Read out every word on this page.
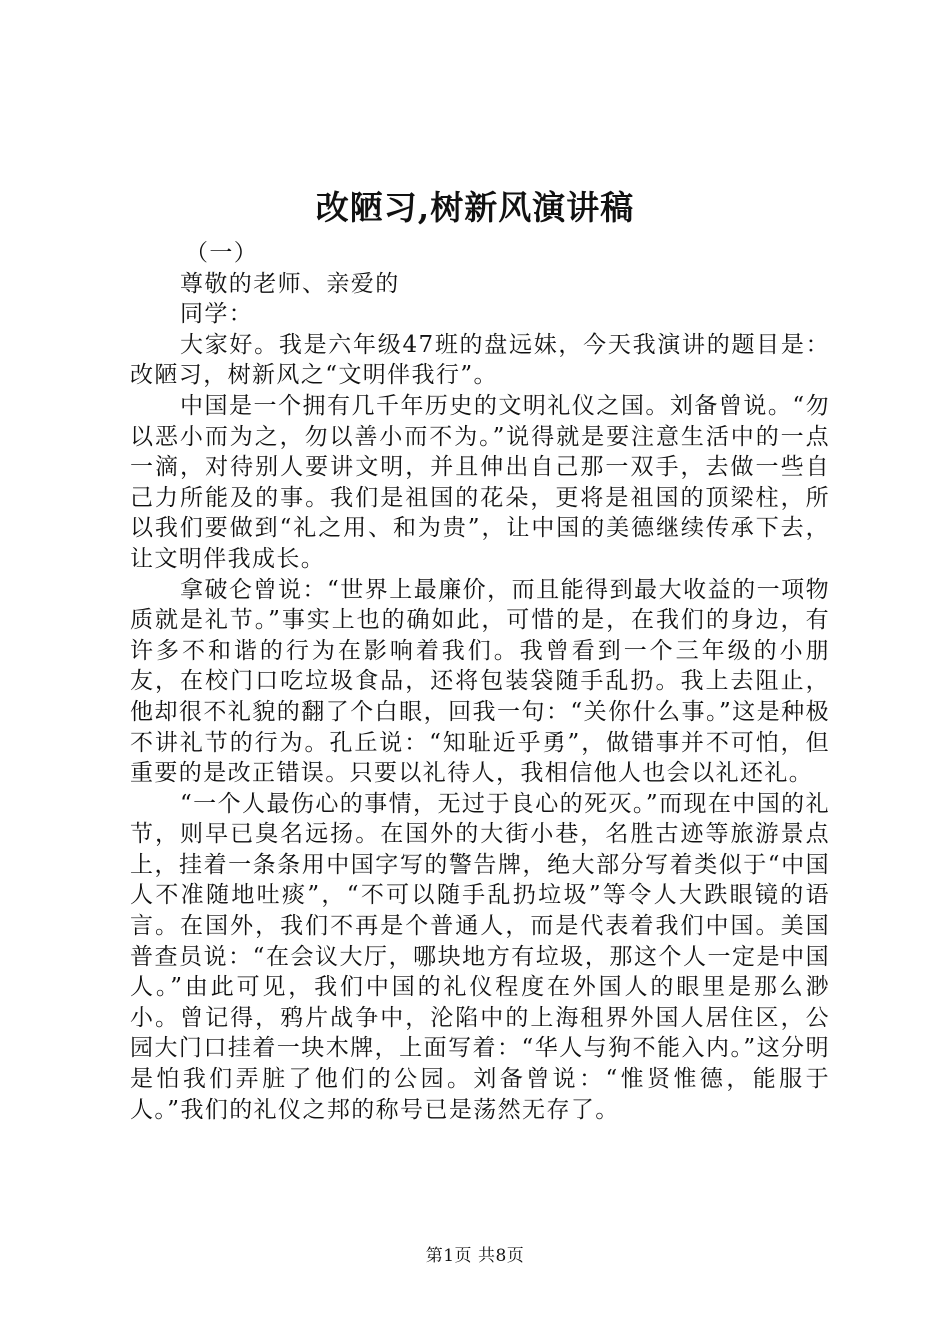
改陋习,树新风演讲稿

（一）

尊敬的老师、亲爱的

同学：

大家好。我是六年级47班的盘远妹，今天我演讲的题目是：改陋习，树新风之“文明伴我行”。

中国是一个拥有几千年历史的文明礼仪之国。刘备曾说。“勿以恶小而为之，勿以善小而不为。”说得就是要注意生活中的一点一滴，对待别人要讲文明，并且伸出自己那一双手，去做一些自己力所能及的事。我们是祖国的花朵，更将是祖国的顶梁柱，所以我们要做到“礼之用、和为贵”，让中国的美德继续传承下去，让文明伴我成长。

拿破仑曾说：“世界上最廉价，而且能得到最大收益的一项物质就是礼节。”事实上也的确如此，可惜的是，在我们的身边，有许多不和谐的行为在影响着我们。我曾看到一个三年级的小朋友，在校门口吃垃圾食品，还将包装袋随手乱扔。我上去阻止，他却很不礼貌的翻了个白眼，回我一句：“关你什么事。”这是种极不讲礼节的行为。孔丘说：“知耻近乎勇”，做错事并不可怕，但重要的是改正错误。只要以礼待人，我相信他人也会以礼还礼。

“一个人最伤心的事情，无过于良心的死灭。”而现在中国的礼节，则早已臭名远扬。在国外的大街小巷，名胜古迹等旅游景点上，挂着一条条用中国字写的警告牌，绝大部分写着类似于“中国人不准随地吐痰”，“不可以随手乱扔垃圾”等令人大跌眼镜的语言。在国外，我们不再是个普通人，而是代表着我们中国。美国普查员说：“在会议大厅，哪块地方有垃圾，那这个人一定是中国人。”由此可见，我们中国的礼仪程度在外国人的眼里是那么渺小。曾记得，鸦片战争中，沦陷中的上海租界外国人居住区，公园大门口挂着一块木牌，上面写着：“华人与狗不能入内。”这分明是怕我们弄脏了他们的公园。刘备曾说：“惟贤惟德，能服于人。”我们的礼仪之邦的称号已是荡然无存了。

第1页 共8页
